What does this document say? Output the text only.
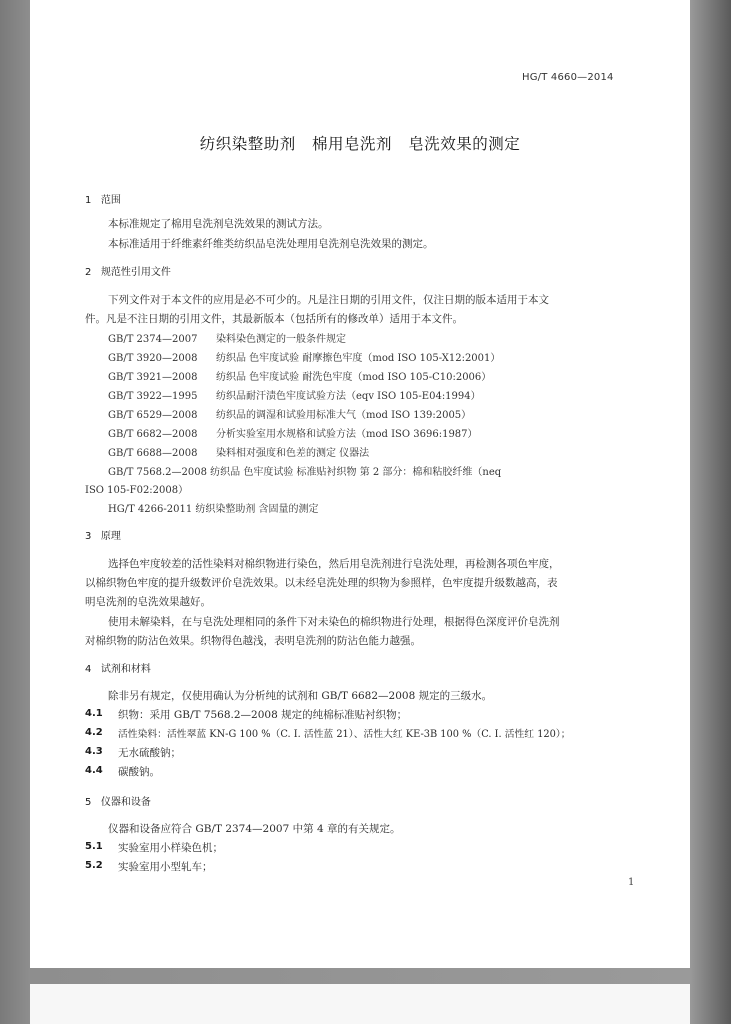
HG/T 4660—2014
纺织染整助剂   棉用皂洗剂   皂洗效果的测定
1 范围
本标准规定了棉用皂洗剂皂洗效果的测试方法。
本标准适用于纤维素纤维类纺织品皂洗处理用皂洗剂皂洗效果的测定。
2 规范性引用文件
下列文件对于本文件的应用是必不可少的。凡是注日期的引用文件，仅注日期的版本适用于本文
件。凡是不注日期的引用文件，其最新版本（包括所有的修改单）适用于本文件。
GB/T 2374—2007 染料染色测定的一般条件规定
GB/T 3920—2008 纺织品 色牢度试验 耐摩擦色牢度（mod ISO 105-X12:2001）
GB/T 3921—2008 纺织品 色牢度试验 耐洗色牢度（mod ISO 105-C10:2006）
GB/T 3922—1995 纺织品耐汗渍色牢度试验方法（eqv ISO 105-E04:1994）
GB/T 6529—2008 纺织品的调湿和试验用标准大气（mod ISO 139:2005）
GB/T 6682—2008 分析实验室用水规格和试验方法（mod ISO 3696:1987）
GB/T 6688—2008 染料相对强度和色差的测定 仪器法
GB/T 7568.2—2008 纺织品 色牢度试验 标准贴衬织物 第 2 部分：棉和粘胶纤维（neq
ISO 105-F02:2008）
HG/T 4266-2011 纺织染整助剂 含固量的测定
3 原理
选择色牢度较差的活性染料对棉织物进行染色，然后用皂洗剂进行皂洗处理，再检测各项色牢度，
以棉织物色牢度的提升级数评价皂洗效果。以未经皂洗处理的织物为参照样，色牢度提升级数越高，表
明皂洗剂的皂洗效果越好。
使用未解染料，在与皂洗处理相同的条件下对未染色的棉织物进行处理，根据得色深度评价皂洗剂
对棉织物的防沾色效果。织物得色越浅，表明皂洗剂的防沾色能力越强。
4 试剂和材料
除非另有规定，仅使用确认为分析纯的试剂和 GB/T 6682—2008 规定的三级水。
4.1 织物：采用 GB/T 7568.2—2008 规定的纯棉标准贴衬织物；
4.2 活性染料：活性翠蓝 KN-G 100 %（C. I. 活性蓝 21）、活性大红 KE-3B 100 %（C. I. 活性红 120）；
4.3 无水硫酸钠；
4.4 碳酸钠。
5 仪器和设备
仪器和设备应符合 GB/T 2374—2007 中第 4 章的有关规定。
5.1 实验室用小样染色机；
5.2 实验室用小型轧车；
1
